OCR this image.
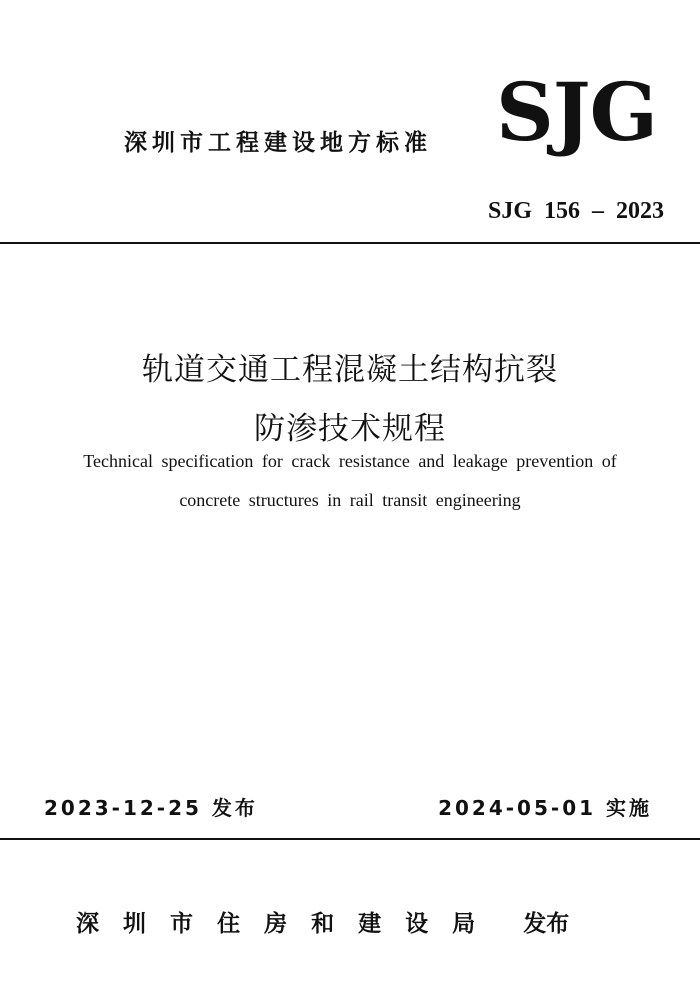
深圳市工程建设地方标准 SJG
SJG  156  –  2023
轨道交通工程混凝土结构抗裂
防渗技术规程
Technical specification for crack resistance and leakage prevention of
concrete structures in rail transit engineering
2023-12-25 发布	2024-05-01 实施
深   圳   市   住   房   和   建   设   局      发布
